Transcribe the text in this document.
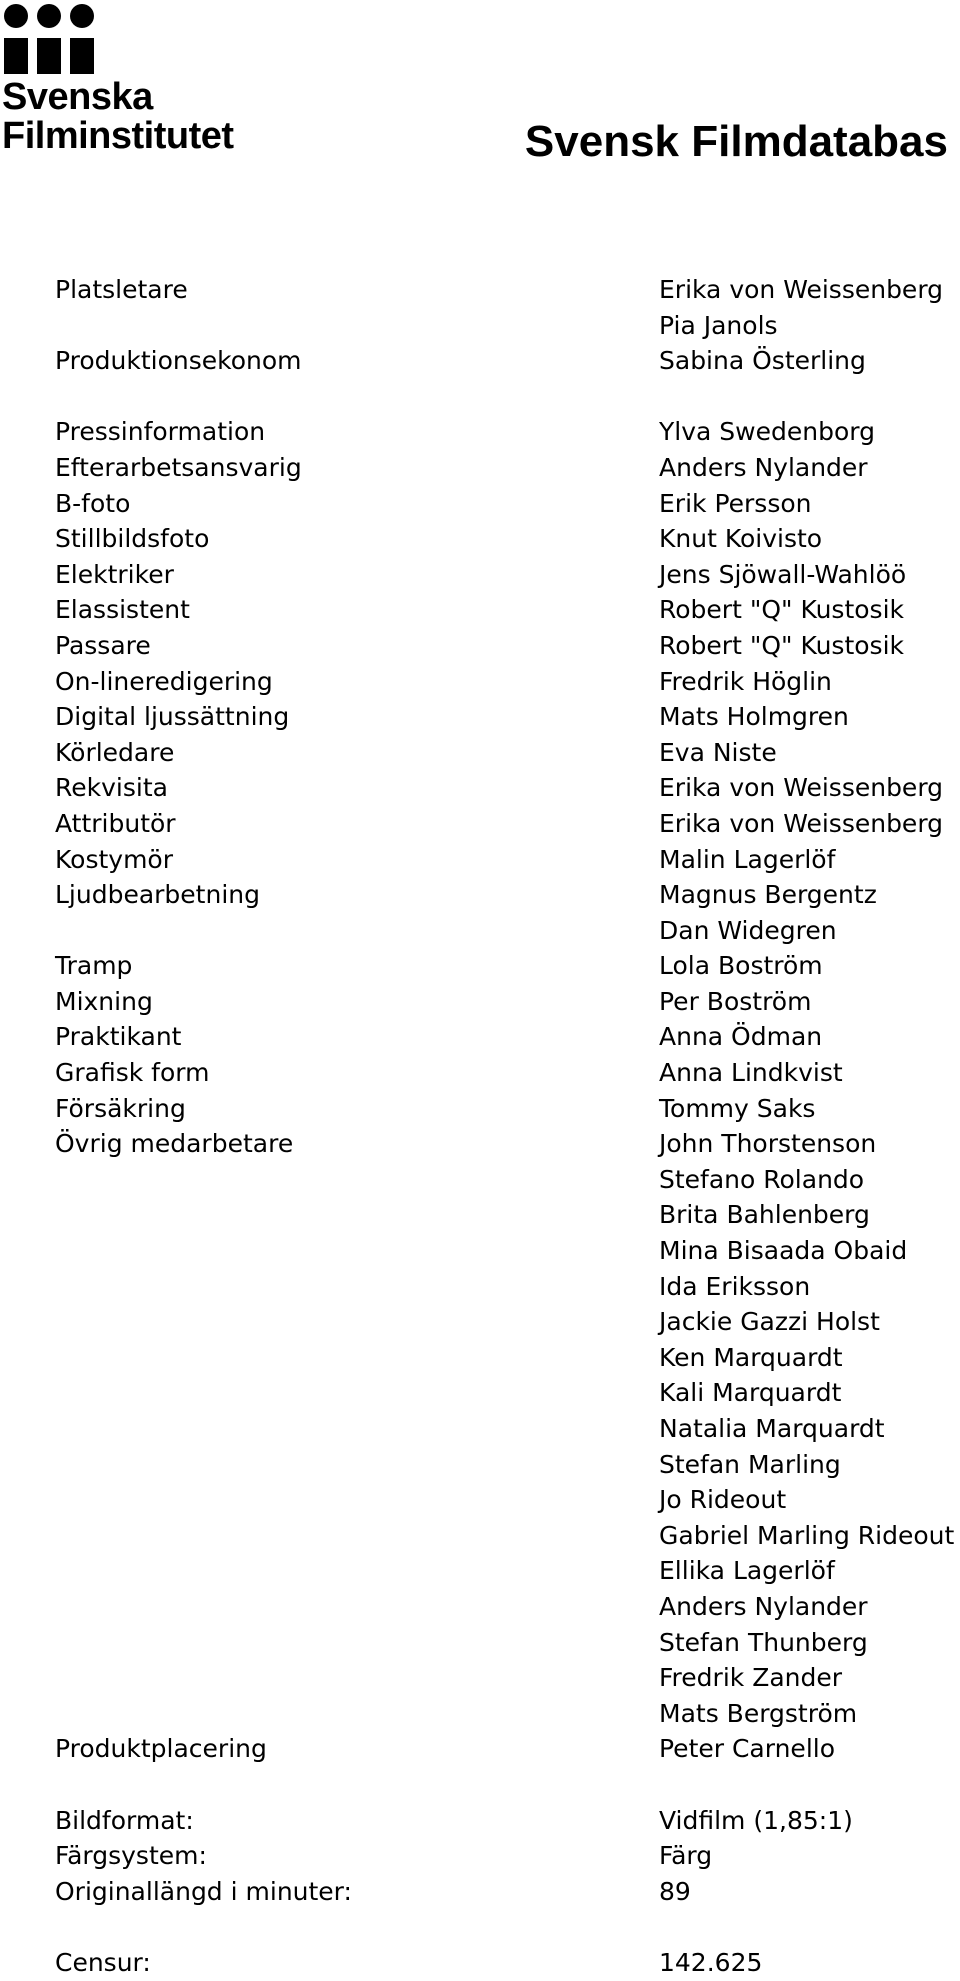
Svenska
Filminstitutet	Svensk Filmdatabas
Platsletare	Erika von Weissenberg
Pia Janols
Produktionsekonom	Sabina Österling
Pressinformation	Ylva Swedenborg
Efterarbetsansvarig	Anders Nylander
B-foto	Erik Persson
Stillbildsfoto	Knut Koivisto
Elektriker	Jens Sjöwall-Wahlöö
Elassistent	Robert "Q" Kustosik
Passare	Robert "Q" Kustosik
On-lineredigering	Fredrik Höglin
Digital ljussättning	Mats Holmgren
Körledare	Eva Niste
Rekvisita	Erika von Weissenberg
Attributör	Erika von Weissenberg
Kostymör	Malin Lagerlöf
Ljudbearbetning	Magnus Bergentz
Dan Widegren
Tramp	Lola Boström
Mixning	Per Boström
Praktikant	Anna Ödman
Grafisk form	Anna Lindkvist
Försäkring	Tommy Saks
Övrig medarbetare	John Thorstenson
Stefano Rolando
Brita Bahlenberg
Mina Bisaada Obaid
Ida Eriksson
Jackie Gazzi Holst
Ken Marquardt
Kali Marquardt
Natalia Marquardt
Stefan Marling
Jo Rideout
Gabriel Marling Rideout
Ellika Lagerlöf
Anders Nylander
Stefan Thunberg
Fredrik Zander
Mats Bergström
Produktplacering	Peter Carnello
Bildformat:	Vidfilm (1,85:1)
Färgsystem:	Färg
Originallängd i minuter:	89
Censur:	142.625
